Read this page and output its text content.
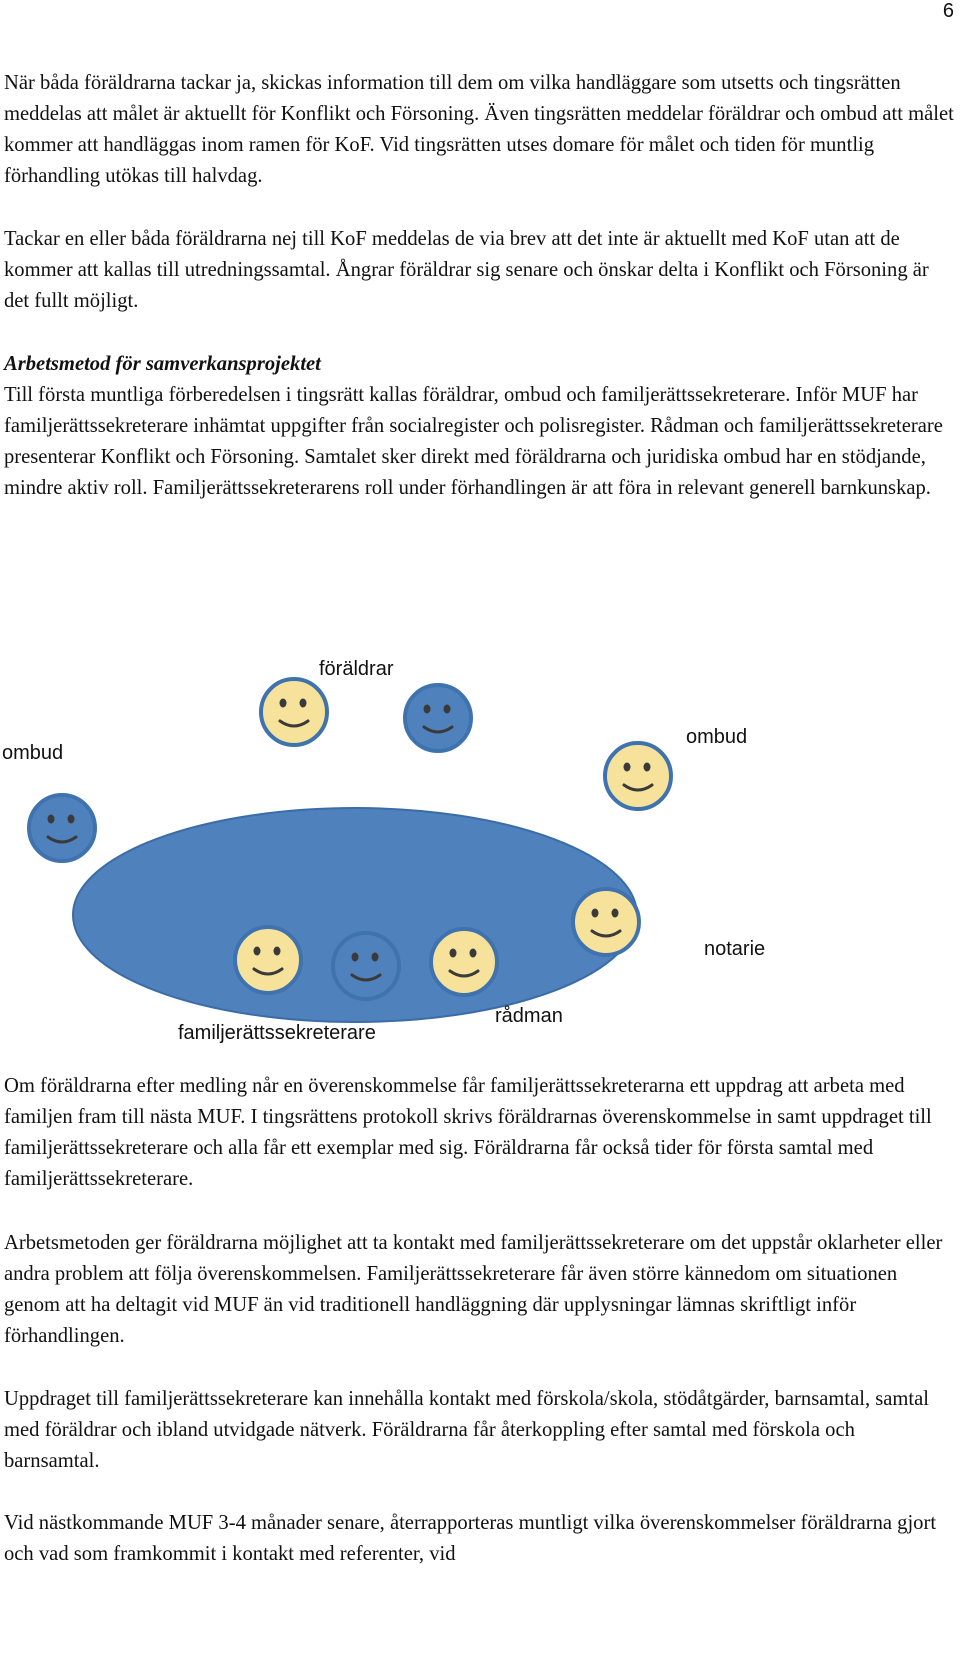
6

När båda föräldrarna tackar ja, skickas information till dem om vilka handläggare som utsetts och tingsrätten meddelas att målet är aktuellt för Konflikt och Försoning. Även tingsrätten meddelar föräldrar och ombud att målet kommer att handläggas inom ramen för KoF. Vid tingsrätten utses domare för målet och tiden för muntlig förhandling utökas till halvdag.

Tackar en eller båda föräldrarna nej till KoF meddelas de via brev att det inte är aktuellt med KoF utan att de kommer att kallas till utredningssamtal. Ångrar föräldrar sig senare och önskar delta i Konflikt och Försoning är det fullt möjligt.

Arbetsmetod för samverkansprojektet
Till första muntliga förberedelsen i tingsrätt kallas föräldrar, ombud och familjerättssekreterare. Inför MUF har familjerättssekreterare inhämtat uppgifter från socialregister och polisregister. Rådman och familjerättssekreterare presenterar Konflikt och Försoning. Samtalet sker direkt med föräldrarna och juridiska ombud har en stödjande, mindre aktiv roll. Familjerättssekreterarens roll under förhandlingen är att föra in relevant generell barnkunskap.
föräldrar
ombud
ombud
notarie
rådman
familjerättssekreterare

Om föräldrarna efter medling når en överenskommelse får familjerättssekreterarna ett uppdrag att arbeta med familjen fram till nästa MUF. I tingsrättens protokoll skrivs föräldrarnas överenskommelse in samt uppdraget till familjerättssekreterare och alla får ett exemplar med sig. Föräldrarna får också tider för första samtal med familjerättssekreterare.

Arbetsmetoden ger föräldrarna möjlighet att ta kontakt med familjerättssekreterare om det uppstår oklarheter eller andra problem att följa överenskommelsen. Familjerättssekreterare får även större kännedom om situationen genom att ha deltagit vid MUF än vid traditionell handläggning där upplysningar lämnas skriftligt inför förhandlingen.

Uppdraget till familjerättssekreterare kan innehålla kontakt med förskola/skola, stödåtgärder, barnsamtal, samtal med föräldrar och ibland utvidgade nätverk. Föräldrarna får återkoppling efter samtal med förskola och barnsamtal.

Vid nästkommande MUF 3-4 månader senare, återrapporteras muntligt vilka överenskommelser föräldrarna gjort och vad som framkommit i kontakt med referenter, vid
